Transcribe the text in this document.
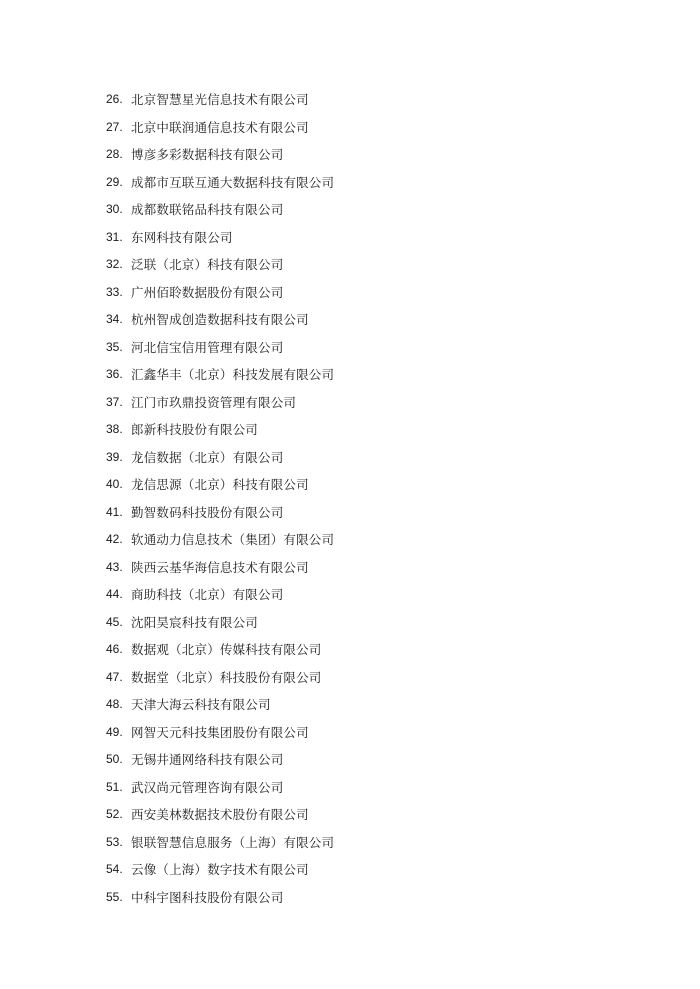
26. 北京智慧星光信息技术有限公司
27. 北京中联润通信息技术有限公司
28. 博彦多彩数据科技有限公司
29. 成都市互联互通大数据科技有限公司
30. 成都数联铭品科技有限公司
31. 东网科技有限公司
32. 泛联（北京）科技有限公司
33. 广州佰聆数据股份有限公司
34. 杭州智成创造数据科技有限公司
35. 河北信宝信用管理有限公司
36. 汇鑫华丰（北京）科技发展有限公司
37. 江门市玖鼎投资管理有限公司
38. 郎新科技股份有限公司
39. 龙信数据（北京）有限公司
40. 龙信思源（北京）科技有限公司
41. 勤智数码科技股份有限公司
42. 软通动力信息技术（集团）有限公司
43. 陕西云基华海信息技术有限公司
44. 商助科技（北京）有限公司
45. 沈阳昊宸科技有限公司
46. 数据观（北京）传媒科技有限公司
47. 数据堂（北京）科技股份有限公司
48. 天津大海云科技有限公司
49. 网智天元科技集团股份有限公司
50. 无锡井通网络科技有限公司
51. 武汉尚元管理咨询有限公司
52. 西安美林数据技术股份有限公司
53. 银联智慧信息服务（上海）有限公司
54. 云像（上海）数字技术有限公司
55. 中科宇图科技股份有限公司
